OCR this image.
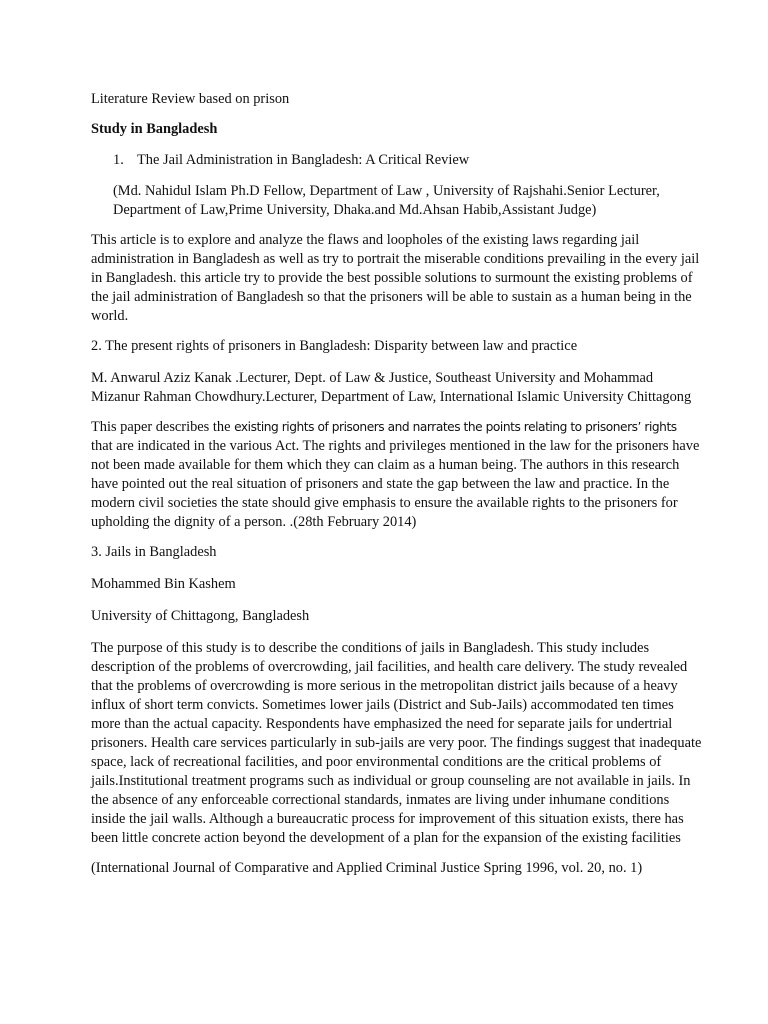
Literature Review based on prison

Study in Bangladesh

1. The Jail Administration in Bangladesh: A Critical Review

(Md. Nahidul Islam Ph.D Fellow, Department of Law , University of Rajshahi.Senior Lecturer,
Department of Law,Prime University, Dhaka.and Md.Ahsan Habib,Assistant Judge)
This article is to explore and analyze the flaws and loopholes of the existing laws regarding jail
administration in Bangladesh as well as try to portrait the miserable conditions prevailing in the every jail
in Bangladesh. this article try to provide the best possible solutions to surmount the existing problems of
the jail administration of Bangladesh so that the prisoners will be able to sustain as a human being in the
world.

2. The present rights of prisoners in Bangladesh: Disparity between law and practice

M. Anwarul Aziz Kanak .Lecturer, Dept. of Law & Justice, Southeast University and Mohammad
Mizanur Rahman Chowdhury.Lecturer, Department of Law, International Islamic University Chittagong
This paper describes the existing rights of prisoners and narrates the points relating to prisoners’ rights
that are indicated in the various Act. The rights and privileges mentioned in the law for the prisoners have
not been made available for them which they can claim as a human being. The authors in this research
have pointed out the real situation of prisoners and state the gap between the law and practice. In the
modern civil societies the state should give emphasis to ensure the available rights to the prisoners for
upholding the dignity of a person. .(28th February 2014)

3. Jails in Bangladesh

Mohammed Bin Kashem

University of Chittagong, Bangladesh

The purpose of this study is to describe the conditions of jails in Bangladesh. This study includes
description of the problems of overcrowding, jail facilities, and health care delivery. The study revealed
that the problems of overcrowding is more serious in the metropolitan district jails because of a heavy
influx of short term convicts. Sometimes lower jails (District and Sub-Jails) accommodated ten times
more than the actual capacity. Respondents have emphasized the need for separate jails for undertrial
prisoners. Health care services particularly in sub-jails are very poor. The findings suggest that inadequate
space, lack of recreational facilities, and poor environmental conditions are the critical problems of
jails.Institutional treatment programs such as individual or group counseling are not available in jails. In
the absence of any enforceable correctional standards, inmates are living under inhumane conditions
inside the jail walls. Although a bureaucratic process for improvement of this situation exists, there has
been little concrete action beyond the development of a plan for the expansion of the existing facilities

(International Journal of Comparative and Applied Criminal Justice Spring 1996, vol. 20, no. 1)
